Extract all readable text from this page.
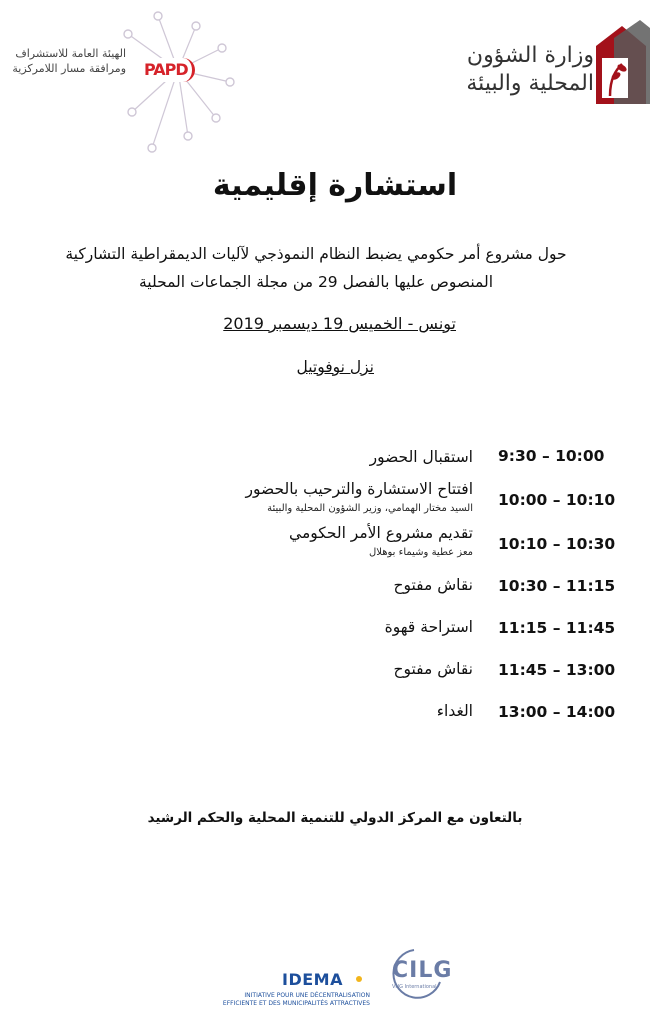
وزارة الشؤون
المحلية والبيئة
الهيئة العامة للاستشراف
ومرافقة مسار اللامركزية PAPD
استشارة إقليمية
حول مشروع أمر حكومي يضبط النظام النموذجي لآليات الديمقراطية التشاركية
المنصوص عليها بالفصل 29 من مجلة الجماعات المحلية
تونس - الخميس 19 ديسمبر 2019
نزل نوفوتيل
9:30 – 10:00
استقبال الحضور
10:00 – 10:10
افتتاح الاستشارة والترحيب بالحضور
السيد مختار الهمامي، وزير الشؤون المحلية والبيئة
10:10 – 10:30
تقديم مشروع الأمر الحكومي
معز عطية وشيماء بوهلال
10:30 – 11:15
نقاش مفتوح
11:15 – 11:45
استراحة قهوة
11:45 – 13:00
نقاش مفتوح
13:00 – 14:00
الغداء
بالتعاون مع المركز الدولي للتنمية المحلية والحكم الرشيد
IDEMA
INITIATIVE POUR UNE DÉCENTRALISATION
EFFICIENTE ET DES MUNICIPALITÉS ATTRACTIVES
CILG
VNG International
